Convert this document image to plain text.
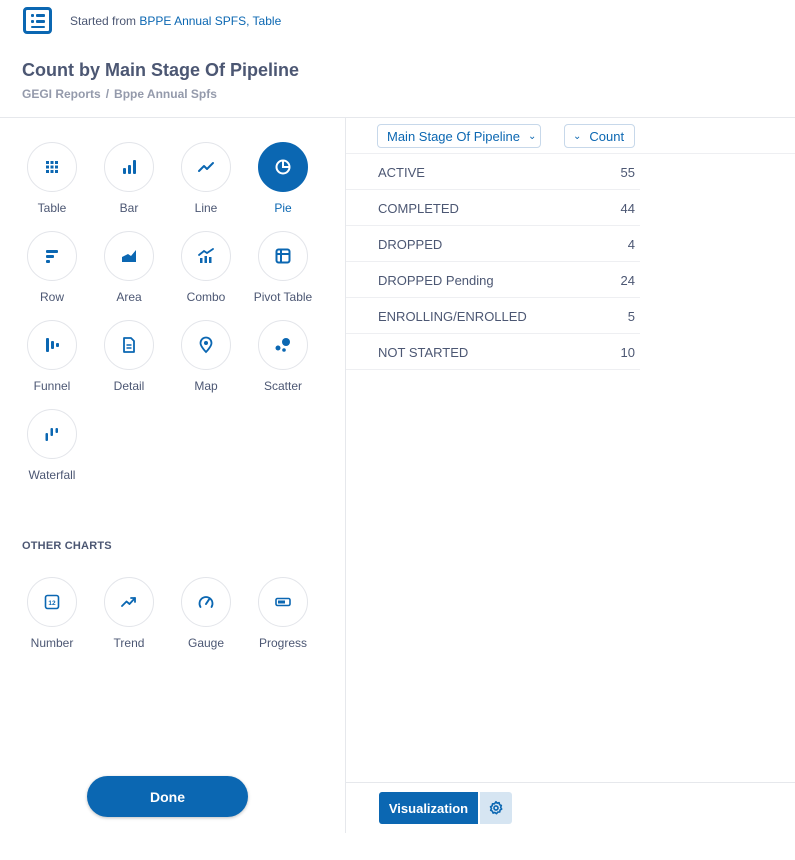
Started from BPPE Annual SPFS, Table
Count by Main Stage Of Pipeline
GEGI Reports / Bppe Annual Spfs
Table	Bar	Line	Pie
Row	Area	Combo	Pivot Table
Funnel	Detail	Map	Scatter
Waterfall
OTHER CHARTS
12
Number	Trend	Gauge	Progress
Done
Main Stage Of Pipeline ⌄	⌄ Count
ACTIVE	55
COMPLETED	44
DROPPED	4
DROPPED Pending	24
ENROLLING/ENROLLED	5
NOT STARTED	10
Visualization
